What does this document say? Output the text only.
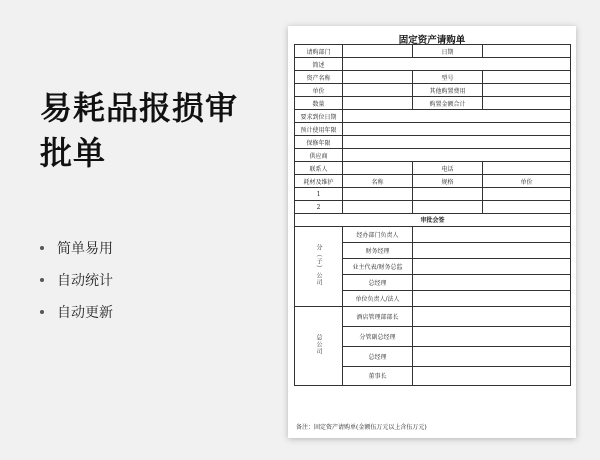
易耗品报损审批单
简单易用
自动统计
自动更新
固定资产请购单
请购部门		日期	
简述			
资产名称		型号	
单价		其他购置费用	
数量		购置金额合计	
要求到位日期			
预计使用年限			
保修年限			
供应商			
联系人		电话	
耗材及维护	名称	规格	单价
1			
2			
审批会签			
分（子）公司	经办部门负责人		
	财务经理		
	业主代表/财务总监		
	总经理		
	单位负责人/法人		
总公司	酒店管理部部长		
	分管副总经理		
	总经理		
	董事长		
备注：固定资产请购单(金额伍万元以上含伍万元)
